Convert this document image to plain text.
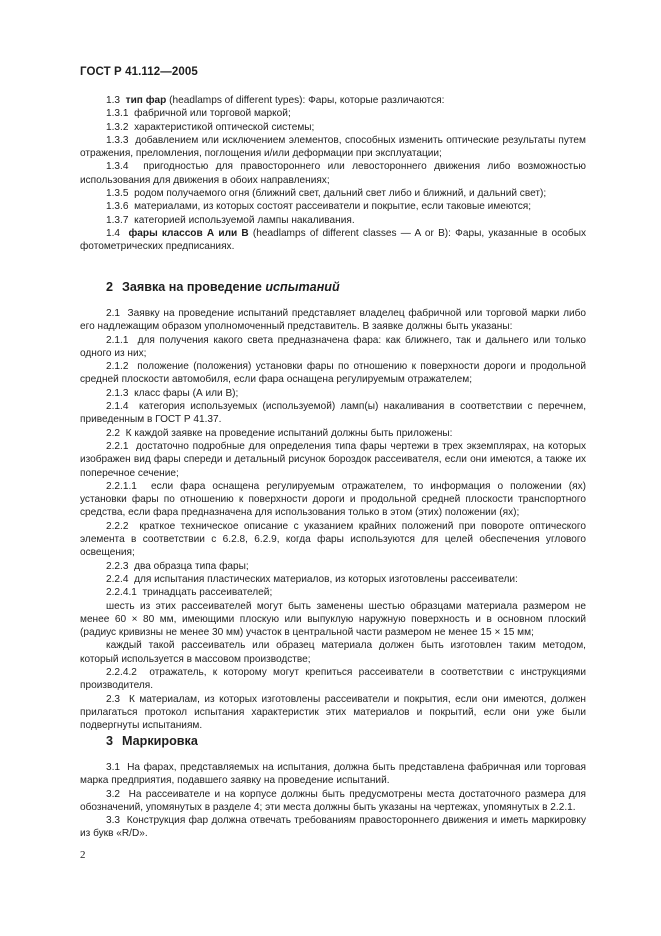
ГОСТ Р 41.112—2005

1.3 тип фар (headlamps of different types): Фары, которые различаются:

1.3.1 фабричной или торговой маркой;

1.3.2 характеристикой оптической системы;

1.3.3 добавлением или исключением элементов, способных изменить оптические результаты путем отражения, преломления, поглощения и/или деформации при эксплуатации;

1.3.4 пригодностью для правостороннего или левостороннего движения либо возможностью использования для движения в обоих направлениях;

1.3.5 родом получаемого огня (ближний свет, дальний свет либо и ближний, и дальний свет);

1.3.6 материалами, из которых состоят рассеиватели и покрытие, если таковые имеются;

1.3.7 категорией используемой лампы накаливания.

1.4 фары классов А или В (headlamps of different classes — A or B): Фары, указанные в особых фотометрических предписаниях.

2 Заявка на проведение испытаний

2.1 Заявку на проведение испытаний представляет владелец фабричной или торговой марки либо его надлежащим образом уполномоченный представитель. В заявке должны быть указаны:

2.1.1 для получения какого света предназначена фара: как ближнего, так и дальнего или только одного из них;

2.1.2 положение (положения) установки фары по отношению к поверхности дороги и продольной средней плоскости автомобиля, если фара оснащена регулируемым отражателем;

2.1.3 класс фары (А или В);

2.1.4 категория используемых (используемой) ламп(ы) накаливания в соответствии с перечнем, приведенным в ГОСТ Р 41.37.

2.2 К каждой заявке на проведение испытаний должны быть приложены:

2.2.1 достаточно подробные для определения типа фары чертежи в трех экземплярах, на которых изображен вид фары спереди и детальный рисунок бороздок рассеивателя, если они имеются, а также их поперечное сечение;

2.2.1.1 если фара оснащена регулируемым отражателем, то информация о положении (ях) установки фары по отношению к поверхности дороги и продольной средней плоскости транспортного средства, если фара предназначена для использования только в этом (этих) положении (ях);

2.2.2 краткое техническое описание с указанием крайних положений при повороте оптического элемента в соответствии с 6.2.8, 6.2.9, когда фары используются для целей обеспечения углового освещения;

2.2.3 два образца типа фары;

2.2.4 для испытания пластических материалов, из которых изготовлены рассеиватели:

2.2.4.1 тринадцать рассеивателей;

шесть из этих рассеивателей могут быть заменены шестью образцами материала размером не менее 60 × 80 мм, имеющими плоскую или выпуклую наружную поверхность и в основном плоский (радиус кривизны не менее 30 мм) участок в центральной части размером не менее 15 × 15 мм;

каждый такой рассеиватель или образец материала должен быть изготовлен таким методом, который используется в массовом производстве;

2.2.4.2 отражатель, к которому могут крепиться рассеиватели в соответствии с инструкциями производителя.

2.3 К материалам, из которых изготовлены рассеиватели и покрытия, если они имеются, должен прилагаться протокол испытания характеристик этих материалов и покрытий, если они уже были подвергнуты испытаниям.

3 Маркировка

3.1 На фарах, представляемых на испытания, должна быть представлена фабричная или торговая марка предприятия, подавшего заявку на проведение испытаний.

3.2 На рассеивателе и на корпусе должны быть предусмотрены места достаточного размера для обозначений, упомянутых в разделе 4; эти места должны быть указаны на чертежах, упомянутых в 2.2.1.

3.3 Конструкция фар должна отвечать требованиям правостороннего движения и иметь маркировку из букв «R/D».

2
